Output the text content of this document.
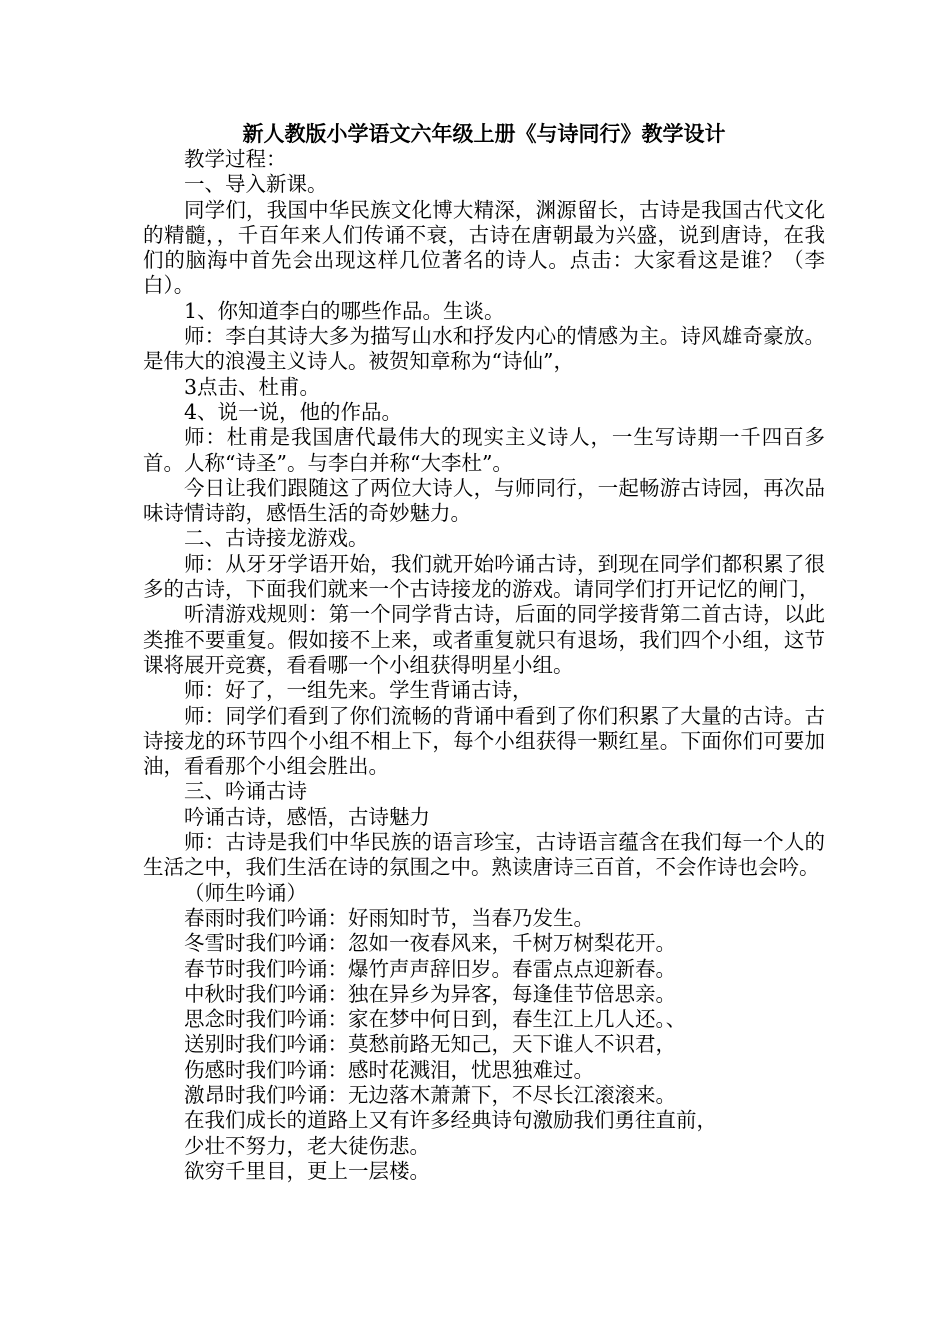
新人教版小学语文六年级上册《与诗同行》教学设计

教学过程：

一、导入新课。

同学们，我国中华民族文化博大精深，渊源留长，古诗是我国古代文化的精髓，，千百年来人们传诵不衰，古诗在唐朝最为兴盛，说到唐诗，在我们的脑海中首先会出现这样几位著名的诗人。点击：大家看这是谁？（李白）。

1、你知道李白的哪些作品。生谈。

师：李白其诗大多为描写山水和抒发内心的情感为主。诗风雄奇豪放。是伟大的浪漫主义诗人。被贺知章称为“诗仙”，

3点击、杜甫。

4、说一说，他的作品。

师：杜甫是我国唐代最伟大的现实主义诗人，一生写诗期一千四百多首。人称“诗圣”。与李白并称“大李杜”。

今日让我们跟随这了两位大诗人，与师同行，一起畅游古诗园，再次品味诗情诗韵，感悟生活的奇妙魅力。

二、古诗接龙游戏。

师：从牙牙学语开始，我们就开始吟诵古诗，到现在同学们都积累了很多的古诗，下面我们就来一个古诗接龙的游戏。请同学们打开记忆的闸门，

听清游戏规则：第一个同学背古诗，后面的同学接背第二首古诗，以此类推不要重复。假如接不上来，或者重复就只有退场，我们四个小组，这节课将展开竞赛，看看哪一个小组获得明星小组。

师：好了，一组先来。学生背诵古诗，

师：同学们看到了你们流畅的背诵中看到了你们积累了大量的古诗。古诗接龙的环节四个小组不相上下，每个小组获得一颗红星。下面你们可要加油，看看那个小组会胜出。

三、吟诵古诗

吟诵古诗，感悟，古诗魅力

师：古诗是我们中华民族的语言珍宝，古诗语言蕴含在我们每一个人的生活之中，我们生活在诗的氛围之中。熟读唐诗三百首，不会作诗也会吟。

（师生吟诵）

春雨时我们吟诵：好雨知时节，当春乃发生。

冬雪时我们吟诵：忽如一夜春风来，千树万树梨花开。

春节时我们吟诵：爆竹声声辞旧岁。春雷点点迎新春。

中秋时我们吟诵：独在异乡为异客，每逢佳节倍思亲。

思念时我们吟诵：家在梦中何日到，春生江上几人还。、

送别时我们吟诵：莫愁前路无知己，天下谁人不识君，

伤感时我们吟诵：感时花溅泪，忧思独难过。

激昂时我们吟诵：无边落木萧萧下，不尽长江滚滚来。

在我们成长的道路上又有许多经典诗句激励我们勇往直前，

少壮不努力，老大徒伤悲。

欲穷千里目，更上一层楼。
